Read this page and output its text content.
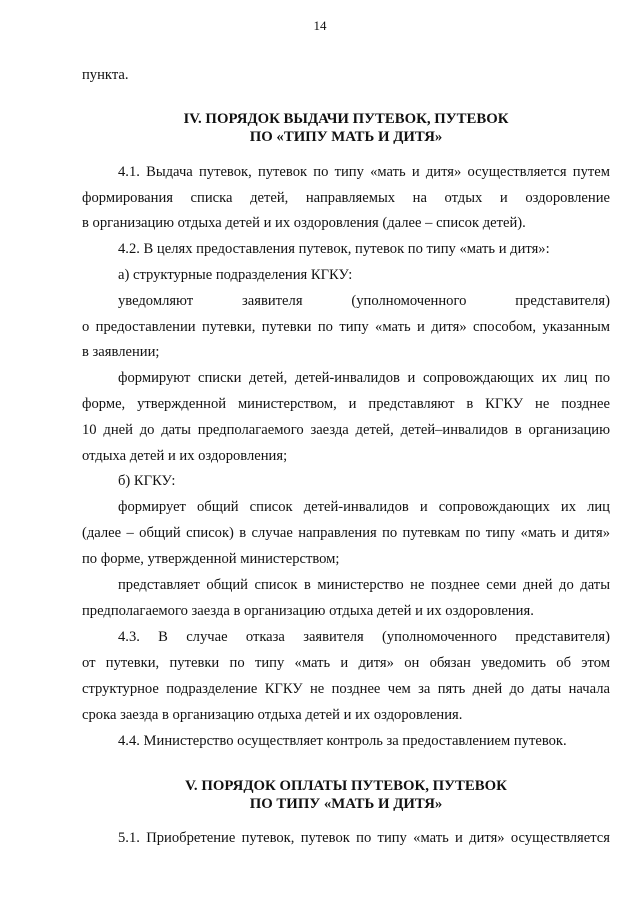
14
пункта.
IV. ПОРЯДОК ВЫДАЧИ ПУТЕВОК, ПУТЕВОК
ПО «ТИПУ МАТЬ И ДИТЯ»
4.1. Выдача путевок, путевок по типу «мать и дитя» осуществляется путем
формирования списка детей, направляемых на отдых и оздоровление
в организацию отдыха детей и их оздоровления (далее – список детей).
4.2. В целях предоставления путевок, путевок по типу «мать и дитя»:
а) структурные подразделения КГКУ:
уведомляют заявителя (уполномоченного представителя)
о предоставлении путевки, путевки по типу «мать и дитя» способом, указанным
в заявлении;
формируют списки детей, детей-инвалидов и сопровождающих их лиц по
форме, утвержденной министерством, и представляют в КГКУ не позднее
10 дней до даты предполагаемого заезда детей, детей–инвалидов в организацию
отдыха детей и их оздоровления;
б) КГКУ:
формирует общий список детей-инвалидов и сопровождающих их лиц
(далее – общий список) в случае направления по путевкам по типу «мать и дитя»
по форме, утвержденной министерством;
представляет общий список в министерство не позднее семи дней до даты
предполагаемого заезда в организацию отдыха детей и их оздоровления.
4.3. В случае отказа заявителя (уполномоченного представителя)
от путевки, путевки по типу «мать и дитя» он обязан уведомить об этом
структурное подразделение КГКУ не позднее чем за пять дней до даты начала
срока заезда в организацию отдыха детей и их оздоровления.
4.4. Министерство осуществляет контроль за предоставлением путевок.
V. ПОРЯДОК ОПЛАТЫ ПУТЕВОК, ПУТЕВОК
ПО ТИПУ «МАТЬ И ДИТЯ»
5.1. Приобретение путевок, путевок по типу «мать и дитя» осуществляется
